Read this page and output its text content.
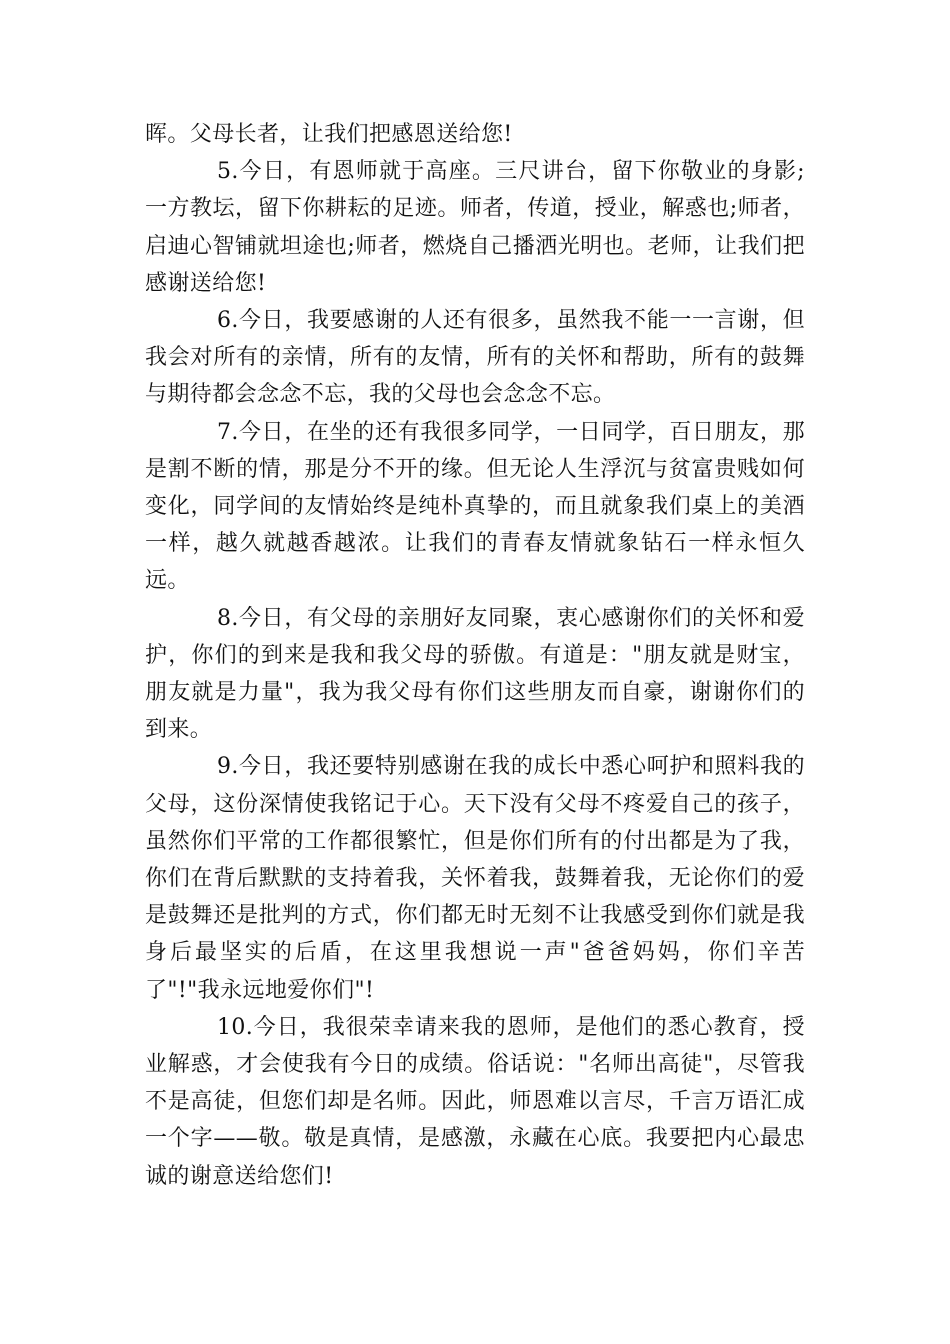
晖。父母长者，让我们把感恩送给您!

5.今日，有恩师就于高座。三尺讲台，留下你敬业的身影;一方教坛，留下你耕耘的足迹。师者，传道，授业，解惑也;师者，启迪心智铺就坦途也;师者，燃烧自己播洒光明也。老师，让我们把感谢送给您!

6.今日，我要感谢的人还有很多，虽然我不能一一言谢，但我会对所有的亲情，所有的友情，所有的关怀和帮助，所有的鼓舞与期待都会念念不忘，我的父母也会念念不忘。

7.今日，在坐的还有我很多同学，一日同学，百日朋友，那是割不断的情，那是分不开的缘。但无论人生浮沉与贫富贵贱如何变化，同学间的友情始终是纯朴真挚的，而且就象我们桌上的美酒一样，越久就越香越浓。让我们的青春友情就象钻石一样永恒久远。

8.今日，有父母的亲朋好友同聚，衷心感谢你们的关怀和爱护，你们的到来是我和我父母的骄傲。有道是："朋友就是财宝，朋友就是力量"，我为我父母有你们这些朋友而自豪，谢谢你们的到来。

9.今日，我还要特别感谢在我的成长中悉心呵护和照料我的父母，这份深情使我铭记于心。天下没有父母不疼爱自己的孩子，虽然你们平常的工作都很繁忙，但是你们所有的付出都是为了我，你们在背后默默的支持着我，关怀着我，鼓舞着我，无论你们的爱是鼓舞还是批判的方式，你们都无时无刻不让我感受到你们就是我身后最坚实的后盾，在这里我想说一声"爸爸妈妈，你们辛苦了"!"我永远地爱你们"!

10.今日，我很荣幸请来我的恩师，是他们的悉心教育，授业解惑，才会使我有今日的成绩。俗话说："名师出高徒"，尽管我不是高徒，但您们却是名师。因此，师恩难以言尽，千言万语汇成一个字——敬。敬是真情，是感激，永藏在心底。我要把内心最忠诚的谢意送给您们!
